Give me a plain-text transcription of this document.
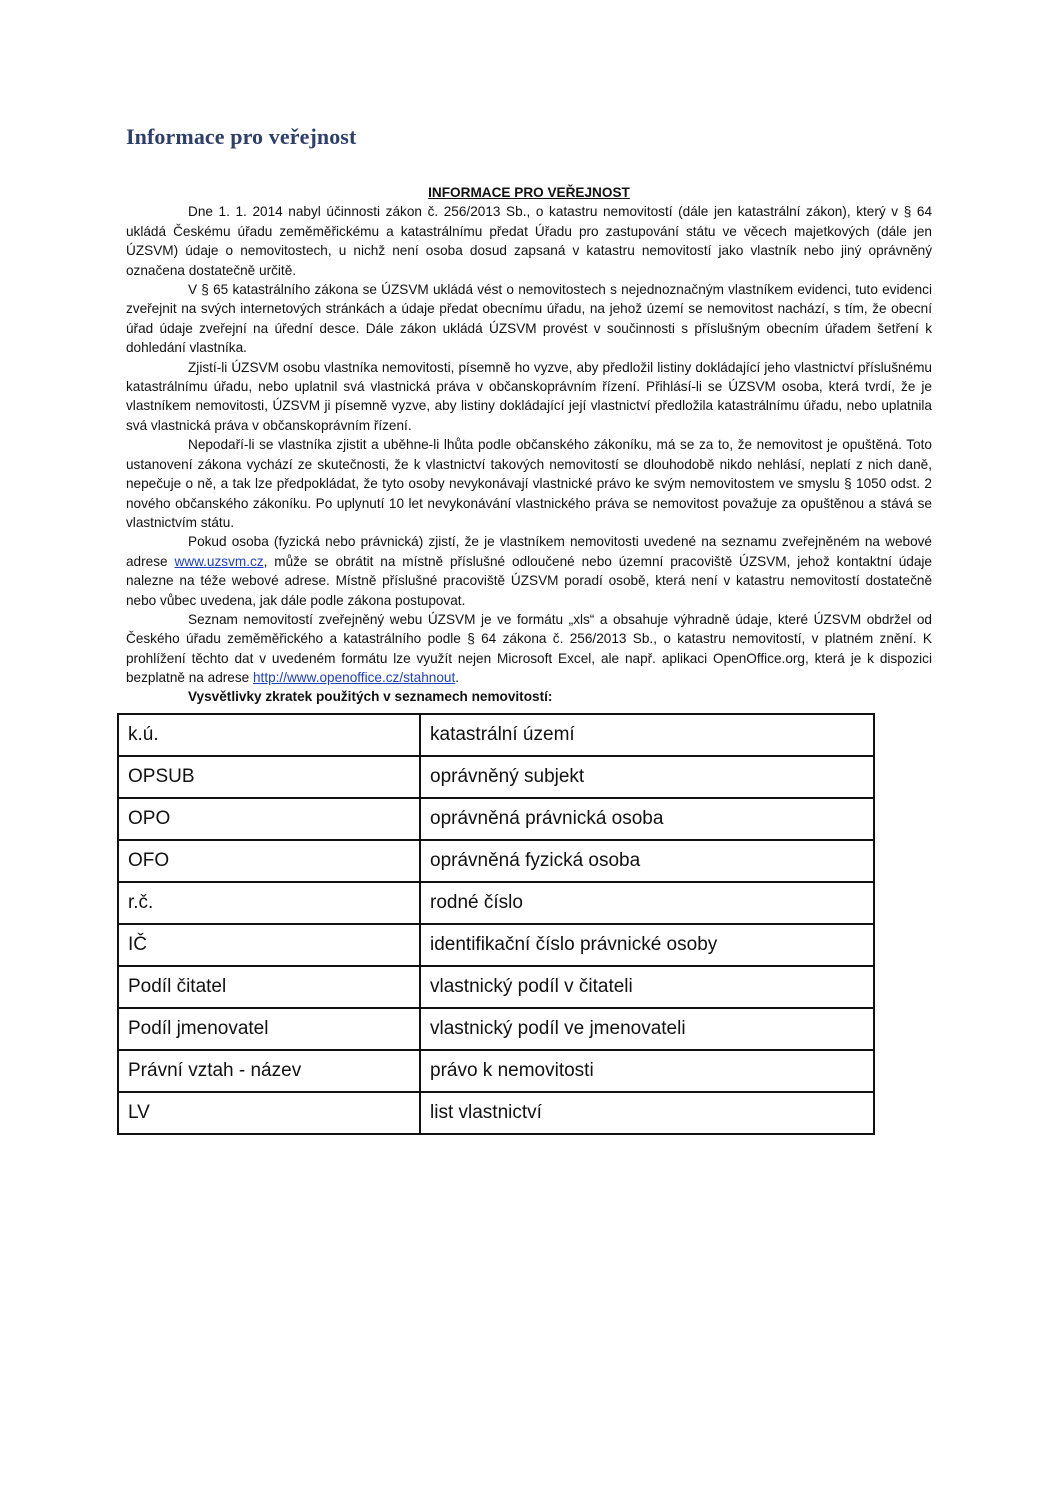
Informace pro veřejnost

INFORMACE PRO VEŘEJNOST

Dne 1. 1. 2014 nabyl účinnosti zákon č. 256/2013 Sb., o katastru nemovitostí (dále jen katastrální zákon), který v § 64 ukládá Českému úřadu zeměměřickému a katastrálnímu předat Úřadu pro zastupování státu ve věcech majetkových (dále jen ÚZSVM) údaje o nemovitostech, u nichž není osoba dosud zapsaná v katastru nemovitostí jako vlastník nebo jiný oprávněný označena dostatečně určitě.

V § 65 katastrálního zákona se ÚZSVM ukládá vést o nemovitostech s nejednoznačným vlastníkem evidenci, tuto evidenci zveřejnit na svých internetových stránkách a údaje předat obecnímu úřadu, na jehož území se nemovitost nachází, s tím, že obecní úřad údaje zveřejní na úřední desce. Dále zákon ukládá ÚZSVM provést v součinnosti s příslušným obecním úřadem šetření k dohledání vlastníka.

Zjistí-li ÚZSVM osobu vlastníka nemovitosti, písemně ho vyzve, aby předložil listiny dokládající jeho vlastnictví příslušnému katastrálnímu úřadu, nebo uplatnil svá vlastnická práva v občanskoprávním řízení. Přihlásí-li se ÚZSVM osoba, která tvrdí, že je vlastníkem nemovitosti, ÚZSVM ji písemně vyzve, aby listiny dokládající její vlastnictví předložila katastrálnímu úřadu, nebo uplatnila svá vlastnická práva v občanskoprávním řízení.

Nepodaří-li se vlastníka zjistit a uběhne-li lhůta podle občanského zákoníku, má se za to, že nemovitost je opuštěná. Toto ustanovení zákona vychází ze skutečnosti, že k vlastnictví takových nemovitostí se dlouhodobě nikdo nehlásí, neplatí z nich daně, nepečuje o ně, a tak lze předpokládat, že tyto osoby nevykonávají vlastnické právo ke svým nemovitostem ve smyslu § 1050 odst. 2 nového občanského zákoníku. Po uplynutí 10 let nevykonávání vlastnického práva se nemovitost považuje za opuštěnou a stává se vlastnictvím státu.

Pokud osoba (fyzická nebo právnická) zjistí, že je vlastníkem nemovitosti uvedené na seznamu zveřejněném na webové adrese www.uzsvm.cz, může se obrátit na místně příslušné odloučené nebo územní pracoviště ÚZSVM, jehož kontaktní údaje nalezne na téže webové adrese. Místně příslušné pracoviště ÚZSVM poradí osobě, která není v katastru nemovitostí dostatečně nebo vůbec uvedena, jak dále podle zákona postupovat.

Seznam nemovitostí zveřejněný webu ÚZSVM je ve formátu „xls“ a obsahuje výhradně údaje, které ÚZSVM obdržel od Českého úřadu zeměměřického a katastrálního podle § 64 zákona č. 256/2013 Sb., o katastru nemovitostí, v platném znění. K prohlížení těchto dat v uvedeném formátu lze využít nejen Microsoft Excel, ale např. aplikaci OpenOffice.org, která je k dispozici bezplatně na adrese http://www.openoffice.cz/stahnout.

Vysvětlivky zkratek použitých v seznamech nemovitostí:

k.ú.	katastrální území
OPSUB	oprávněný subjekt
OPO	oprávněná právnická osoba
OFO	oprávněná fyzická osoba
r.č.	rodné číslo
IČ	identifikační číslo právnické osoby
Podíl čitatel	vlastnický podíl v čitateli
Podíl jmenovatel	vlastnický podíl ve jmenovateli
Právní vztah - název	právo k nemovitosti
LV	list vlastnictví
